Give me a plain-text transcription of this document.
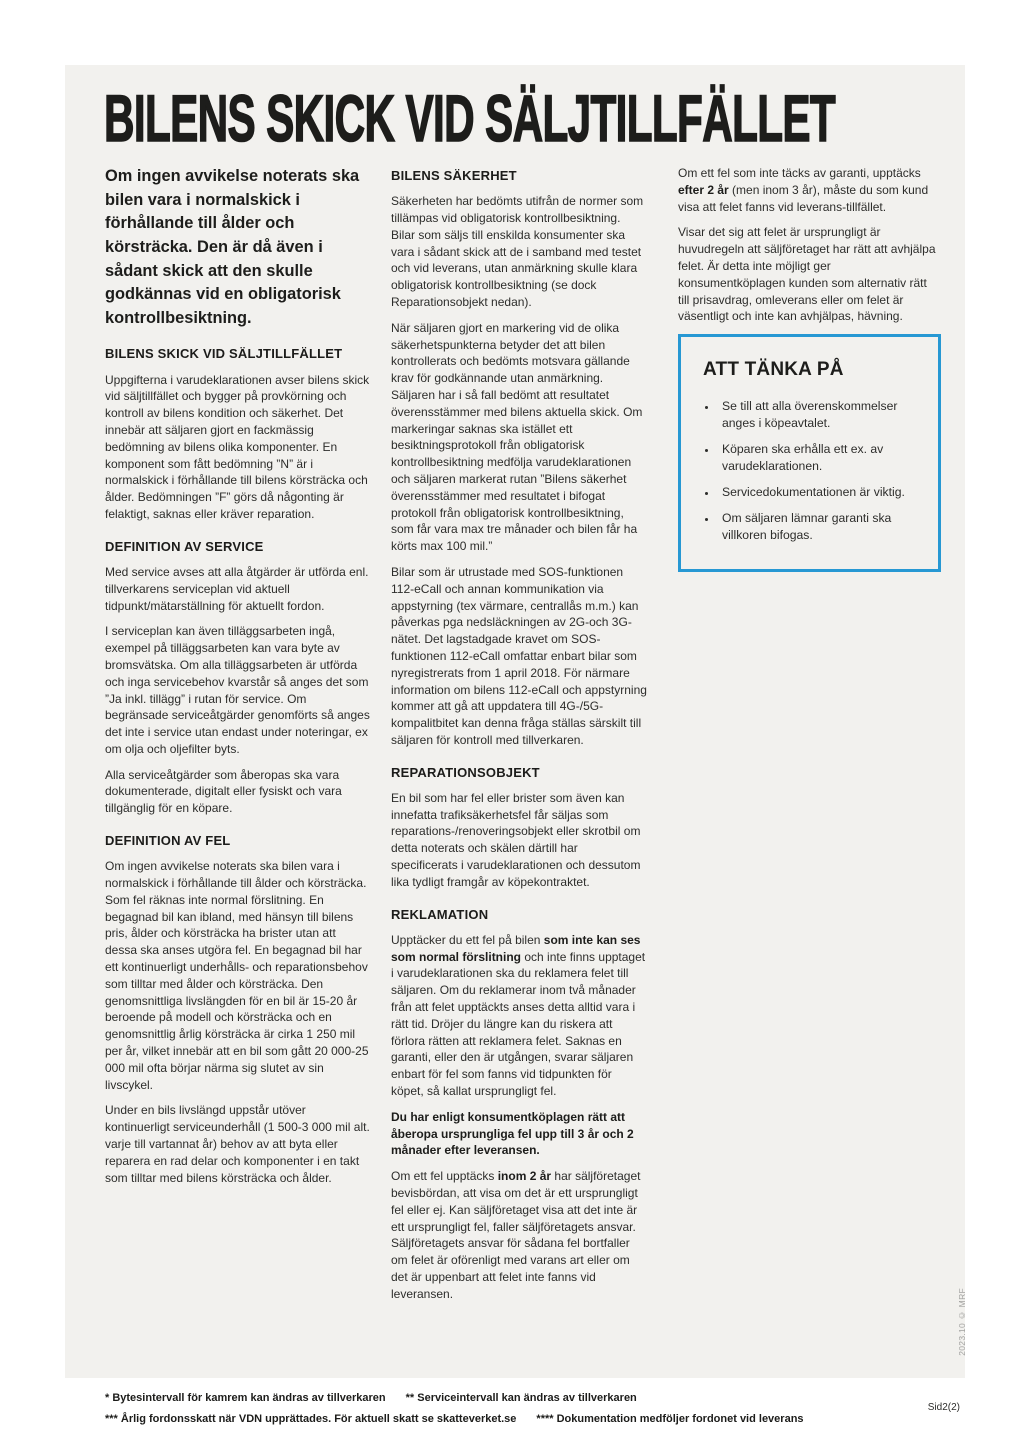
BILENS SKICK VID SÄLJTILLFÄLLET

Om ingen avvikelse noterats ska bilen vara i normalskick i förhållande till ålder och körsträcka. Den är då även i sådant skick att den skulle godkännas vid en obligatorisk kontrollbesiktning.

BILENS SKICK VID SÄLJTILLFÄLLET

Uppgifterna i varudeklarationen avser bilens skick vid säljtillfället och bygger på provkörning och kontroll av bilens kondition och säkerhet. Det innebär att säljaren gjort en fackmässig bedömning av bilens olika komponenter. En komponent som fått bedömning ”N” är i normalskick i förhållande till bilens körsträcka och ålder. Bedömningen ”F” görs då någonting är felaktigt, saknas eller kräver reparation.

DEFINITION AV SERVICE

Med service avses att alla åtgärder är utförda enl. tillverkarens serviceplan vid aktuell tidpunkt/mätarställning för aktuellt fordon.

I serviceplan kan även tilläggsarbeten ingå, exempel på tilläggsarbeten kan vara byte av bromsvätska. Om alla tilläggsarbeten är utförda och inga servicebehov kvarstår så anges det som ”Ja inkl. tillägg” i rutan för service. Om begränsade serviceåtgärder genomförts så anges det inte i service utan endast under noteringar, ex om olja och oljefilter byts.

Alla serviceåtgärder som åberopas ska vara dokumenterade, digitalt eller fysiskt och vara tillgänglig för en köpare.

DEFINITION AV FEL

Om ingen avvikelse noterats ska bilen vara i normalskick i förhållande till ålder och körsträcka. Som fel räknas inte normal förslitning. En begagnad bil kan ibland, med hänsyn till bilens pris, ålder och körsträcka ha brister utan att dessa ska anses utgöra fel. En begagnad bil har ett kontinuerligt underhålls- och reparationsbehov som tilltar med ålder och körsträcka. Den genomsnittliga livslängden för en bil är 15-20 år beroende på modell och körsträcka och en genomsnittlig årlig körsträcka är cirka 1 250 mil per år, vilket innebär att en bil som gått 20 000-25 000 mil ofta börjar närma sig slutet av sin livscykel.

Under en bils livslängd uppstår utöver kontinuerligt serviceunderhåll (1 500-3 000 mil alt. varje till vartannat år) behov av att byta eller reparera en rad delar och komponenter i en takt som tilltar med bilens körsträcka och ålder.

BILENS SÄKERHET

Säkerheten har bedömts utifrån de normer som tillämpas vid obligatorisk kontrollbesiktning. Bilar som säljs till enskilda konsumenter ska vara i sådant skick att de i samband med testet och vid leverans, utan anmärkning skulle klara obligatorisk kontrollbesiktning (se dock Reparationsobjekt nedan).

När säljaren gjort en markering vid de olika säkerhetspunkterna betyder det att bilen kontrollerats och bedömts motsvara gällande krav för godkännande utan anmärkning. Säljaren har i så fall bedömt att resultatet överensstämmer med bilens aktuella skick. Om markeringar saknas ska istället ett besiktningsprotokoll från obligatorisk kontrollbesiktning medfölja varudeklarationen och säljaren markerat rutan ”Bilens säkerhet överensstämmer med resultatet i bifogat protokoll från obligatorisk kontrollbesiktning, som får vara max tre månader och bilen får ha körts max 100 mil.”

Bilar som är utrustade med SOS-funktionen 112-eCall och annan kommunikation via appstyrning (tex värmare, centrallås m.m.) kan påverkas pga nedsläckningen av 2G-och 3G-nätet. Det lagstadgade kravet om SOS-funktionen 112-eCall omfattar enbart bilar som nyregistrerats from 1 april 2018. För närmare information om bilens 112-eCall och appstyrning kommer att gå att uppdatera till 4G-/5G-kompalitbitet kan denna fråga ställas särskilt till säljaren för kontroll med tillverkaren.

REPARATIONSOBJEKT

En bil som har fel eller brister som även kan innefatta trafiksäkerhetsfel får säljas som reparations-/renoveringsobjekt eller skrotbil om detta noterats och skälen därtill har specificerats i varudeklarationen och dessutom lika tydligt framgår av köpekontraktet.

REKLAMATION

Upptäcker du ett fel på bilen som inte kan ses som normal förslitning och inte finns upptaget i varudeklarationen ska du reklamera felet till säljaren. Om du reklamerar inom två månader från att felet upptäckts anses detta alltid vara i rätt tid. Dröjer du längre kan du riskera att förlora rätten att reklamera felet. Saknas en garanti, eller den är utgången, svarar säljaren enbart för fel som fanns vid tidpunkten för köpet, så kallat ursprungligt fel.

Du har enligt konsumentköplagen rätt att åberopa ursprungliga fel upp till 3 år och 2 månader efter leveransen.

Om ett fel upptäcks inom 2 år har säljföretaget bevisbördan, att visa om det är ett ursprungligt fel eller ej. Kan säljföretaget visa att det inte är ett ursprungligt fel, faller säljföretagets ansvar. Säljföretagets ansvar för sådana fel bortfaller om felet är oförenligt med varans art eller om det är uppenbart att felet inte fanns vid leveransen.

Om ett fel som inte täcks av garanti, upptäcks efter 2 år (men inom 3 år), måste du som kund visa att felet fanns vid leverans-tillfället.

Visar det sig att felet är ursprungligt är huvudregeln att säljföretaget har rätt att avhjälpa felet. Är detta inte möjligt ger konsumentköplagen kunden som alternativ rätt till prisavdrag, omleverans eller om felet är väsentligt och inte kan avhjälpas, hävning.

ATT TÄNKA PÅ
• Se till att alla överenskommelser anges i köpeavtalet.
• Köparen ska erhålla ett ex. av varudeklarationen.
• Servicedokumentationen är viktig.
• Om säljaren lämnar garanti ska villkoren bifogas.
2023.10 © MRF
* Bytesintervall för kamrem kan ändras av tillverkaren ** Serviceintervall kan ändras av tillverkaren
*** Årlig fordonsskatt när VDN upprättades. För aktuell skatt se skatteverket.se **** Dokumentation medföljer fordonet vid leverans
Sid2(2)
